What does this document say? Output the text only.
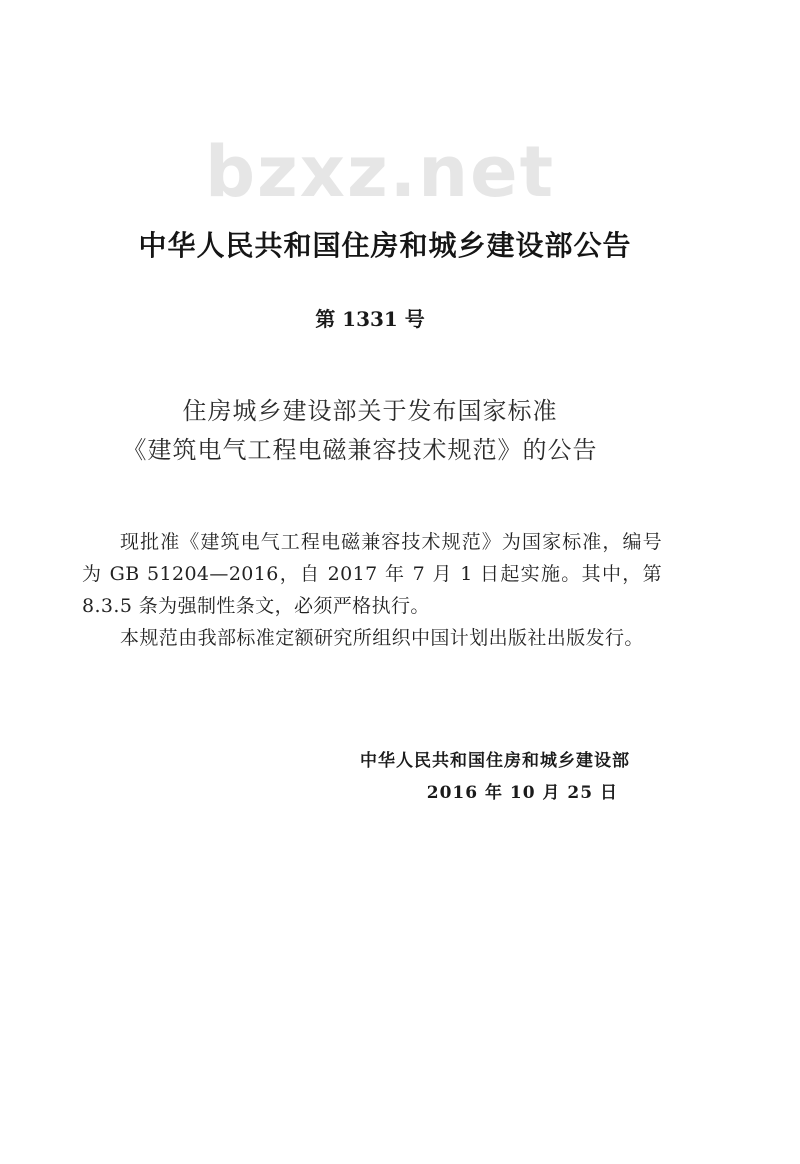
bzxz.net
中华人民共和国住房和城乡建设部公告
第 1331 号
住房城乡建设部关于发布国家标准
《建筑电气工程电磁兼容技术规范》的公告

现批准《建筑电气工程电磁兼容技术规范》为国家标准，编号为 GB 51204—2016，自 2017 年 7 月 1 日起实施。其中，第 8.3.5 条为强制性条文，必须严格执行。

本规范由我部标准定额研究所组织中国计划出版社出版发行。

中华人民共和国住房和城乡建设部
2016 年 10 月 25 日
